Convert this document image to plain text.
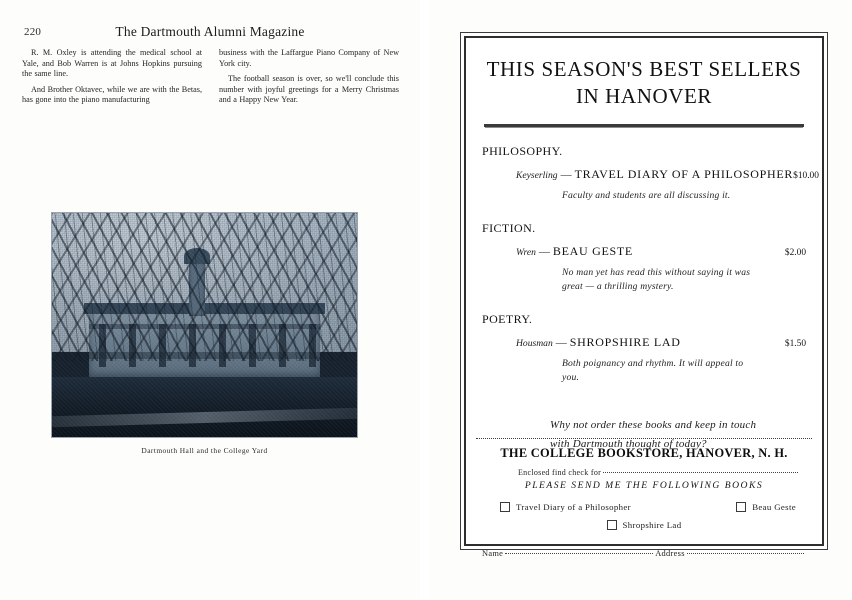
220	The Dartmouth Alumni Magazine

R. M. Oxley is attending the medical school at Yale, and Bob Warren is at Johns Hopkins pursuing the same line.

And Brother Oktavec, while we are with the Betas, has gone into the piano manufacturing

business with the Laffargue Piano Company of New York city.

The football season is over, so we'll conclude this number with joyful greetings for a Merry Christmas and a Happy New Year.

Dartmouth Hall and the College Yard
THIS SEASON'S BEST SELLERS
IN HANOVER
PHILOSOPHY.
Keyserling — TRAVEL DIARY OF A PHILOSOPHER $10.00
Faculty and students are all discussing it.
FICTION.
Wren — BEAU GESTE	$2.00
No man yet has read this without saying it was great — a thrilling mystery.
POETRY.
Housman — SHROPSHIRE LAD	$1.50
Both poignancy and rhythm. It will appeal to you.
Why not order these books and keep in touch with Dartmouth thought of today?
THE COLLEGE BOOKSTORE, HANOVER, N. H.
Enclosed find check for
PLEASE SEND ME THE FOLLOWING BOOKS
Travel Diary of a Philosopher	Beau Geste
Shropshire Lad
Name	Address
